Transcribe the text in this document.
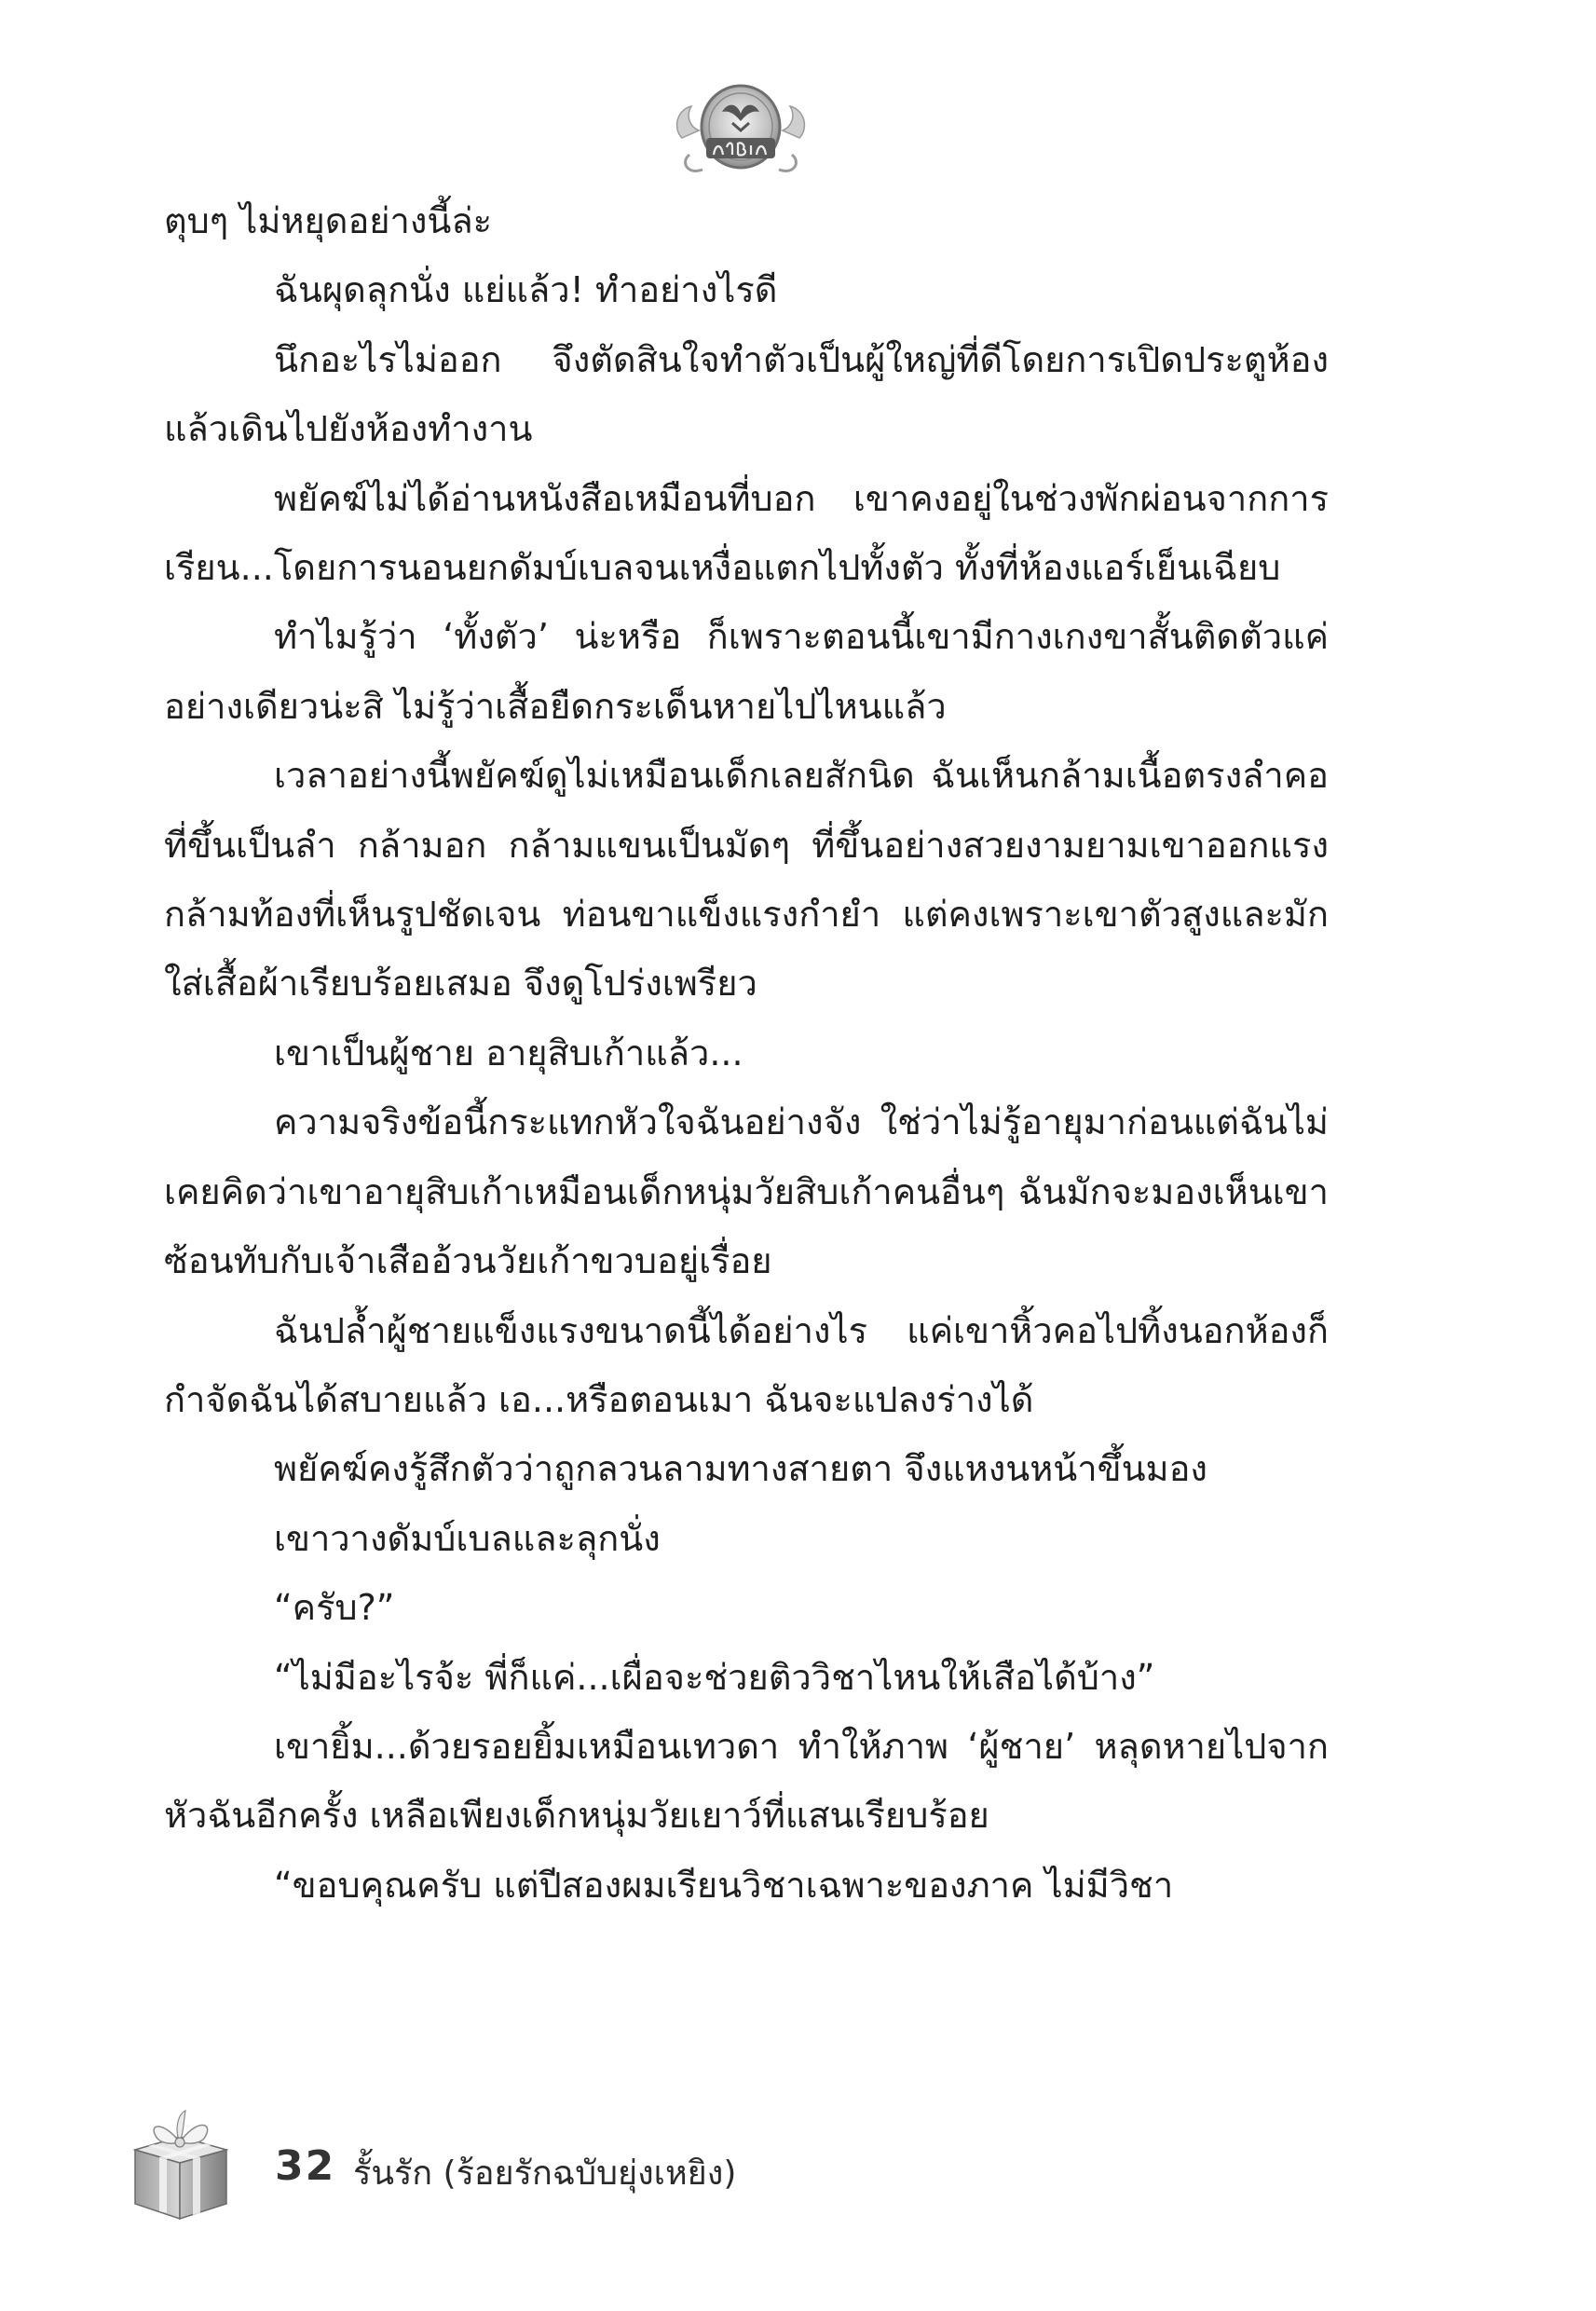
ตุบๆ ไม่หยุดอย่างนี้ล่ะ

ฉันผุดลุกนั่ง แย่แล้ว! ทำอย่างไรดี

นึกอะไรไม่ออก จึงตัดสินใจทำตัวเป็นผู้ใหญ่ที่ดีโดยการเปิดประตูห้องแล้วเดินไปยังห้องทำงาน

พยัคฆ์ไม่ได้อ่านหนังสือเหมือนที่บอก เขาคงอยู่ในช่วงพักผ่อนจากการเรียน...โดยการนอนยกดัมบ์เบลจนเหงื่อแตกไปทั้งตัว ทั้งที่ห้องแอร์เย็นเฉียบ

ทำไมรู้ว่า ‘ทั้งตัว’ น่ะหรือ ก็เพราะตอนนี้เขามีกางเกงขาสั้นติดตัวแค่อย่างเดียวน่ะสิ ไม่รู้ว่าเสื้อยืดกระเด็นหายไปไหนแล้ว

เวลาอย่างนี้พยัคฆ์ดูไม่เหมือนเด็กเลยสักนิด ฉันเห็นกล้ามเนื้อตรงลำคอที่ขึ้นเป็นลำ กล้ามอก กล้ามแขนเป็นมัดๆ ที่ขึ้นอย่างสวยงามยามเขาออกแรง กล้ามท้องที่เห็นรูปชัดเจน ท่อนขาแข็งแรงกำยำ แต่คงเพราะเขาตัวสูงและมักใส่เสื้อผ้าเรียบร้อยเสมอ จึงดูโปร่งเพรียว

เขาเป็นผู้ชาย อายุสิบเก้าแล้ว...

ความจริงข้อนี้กระแทกหัวใจฉันอย่างจัง ใช่ว่าไม่รู้อายุมาก่อนแต่ฉันไม่เคยคิดว่าเขาอายุสิบเก้าเหมือนเด็กหนุ่มวัยสิบเก้าคนอื่นๆ ฉันมักจะมองเห็นเขาซ้อนทับกับเจ้าเสืออ้วนวัยเก้าขวบอยู่เรื่อย

ฉันปล้ำผู้ชายแข็งแรงขนาดนี้ได้อย่างไร แค่เขาหิ้วคอไปทิ้งนอกห้องก็กำจัดฉันได้สบายแล้ว เอ...หรือตอนเมา ฉันจะแปลงร่างได้

พยัคฆ์คงรู้สึกตัวว่าถูกลวนลามทางสายตา จึงแหงนหน้าขึ้นมอง

เขาวางดัมบ์เบลและลุกนั่ง

“ครับ?”

“ไม่มีอะไรจ้ะ พี่ก็แค่...เผื่อจะช่วยติววิชาไหนให้เสือได้บ้าง”

เขายิ้ม...ด้วยรอยยิ้มเหมือนเทวดา ทำให้ภาพ ‘ผู้ชาย’ หลุดหายไปจากหัวฉันอีกครั้ง เหลือเพียงเด็กหนุ่มวัยเยาว์ที่แสนเรียบร้อย

“ขอบคุณครับ แต่ปีสองผมเรียนวิชาเฉพาะของภาค ไม่มีวิชา

32 รั้นรัก (ร้อยรักฉบับยุ่งเหยิง)
